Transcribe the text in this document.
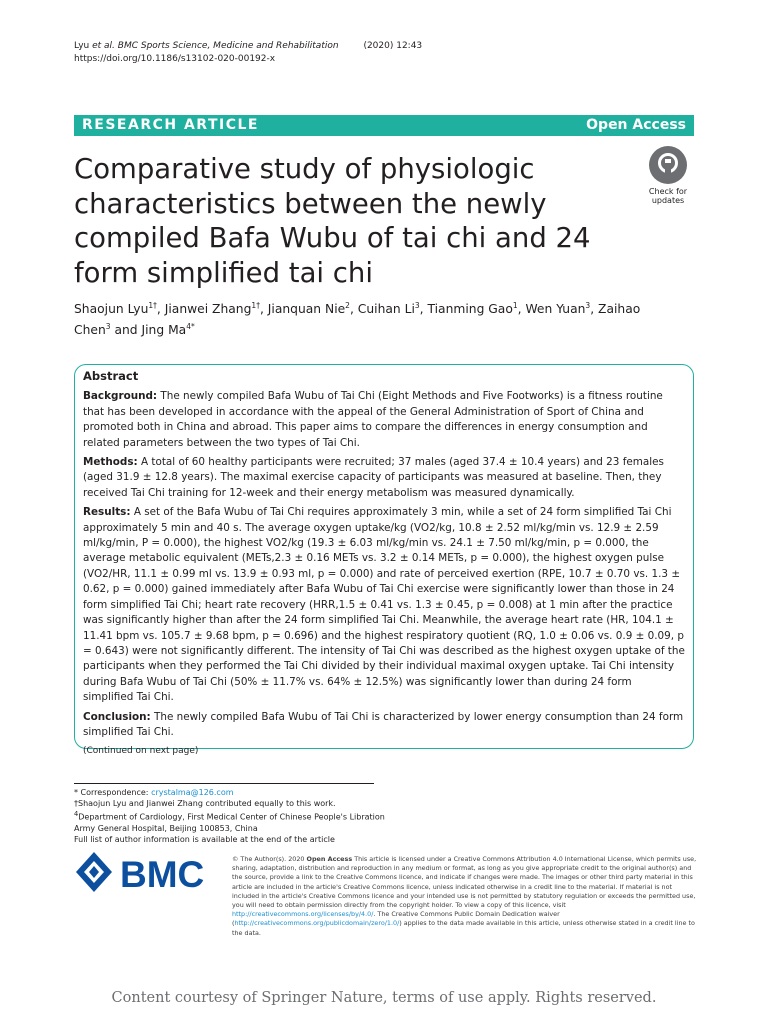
Lyu et al. BMC Sports Science, Medicine and Rehabilitation	(2020) 12:43
https://doi.org/10.1186/s13102-020-00192-x
RESEARCH ARTICLE	Open Access
Comparative study of physiologic characteristics between the newly compiled Bafa Wubu of tai chi and 24 form simplified tai chi
Check for
updates
Shaojun Lyu$^{1\dagger}$, Jianwei Zhang$^{1\dagger}$, Jianquan Nie$^2$, Cuihan Li$^3$, Tianming Gao$^1$, Wen Yuan$^3$, Zaihao Chen$^3$ and Jing $Ma^{4*}$
Abstract

Background: The newly compiled Bafa Wubu of Tai Chi (Eight Methods and Five Footworks) is a fitness routine that has been developed in accordance with the appeal of the General Administration of Sport of China and promoted both in China and abroad. This paper aims to compare the differences in energy consumption and related parameters between the two types of Tai Chi.

Methods: A total of 60 healthy participants were recruited; 37 males (aged 37.4 ± 10.4 years) and 23 females (aged 31.9 ± 12.8 years). The maximal exercise capacity of participants was measured at baseline. Then, they received Tai Chi training for 12-week and their energy metabolism was measured dynamically.

Results: A set of the Bafa Wubu of Tai Chi requires approximately 3 min, while a set of 24 form simplified Tai Chi approximately 5 min and 40 s. The average oxygen uptake/kg (VO2/kg, 10.8 ± 2.52 ml/kg/min vs. 12.9 ± 2.59 ml/kg/min, P = 0.000), the highest VO2/kg (19.3 ± 6.03 ml/kg/min vs. 24.1 ± 7.50 ml/kg/min, p = 0.000, the average metabolic equivalent (METs,2.3 ± 0.16 METs vs. 3.2 ± 0.14 METs, p = 0.000), the highest oxygen pulse (VO2/HR, 11.1 ± 0.99 ml vs. 13.9 ± 0.93 ml, p = 0.000) and rate of perceived exertion (RPE, 10.7 ± 0.70 vs. 1.3 ± 0.62, p = 0.000) gained immediately after Bafa Wubu of Tai Chi exercise were significantly lower than those in 24 form simplified Tai Chi; heart rate recovery (HRR,1.5 ± 0.41 vs. 1.3 ± 0.45, p = 0.008) at 1 min after the practice was significantly higher than after the 24 form simplified Tai Chi. Meanwhile, the average heart rate (HR, 104.1 ± 11.41 bpm vs. 105.7 ± 9.68 bpm, p = 0.696) and the highest respiratory quotient (RQ, 1.0 ± 0.06 vs. 0.9 ± 0.09, p = 0.643) were not significantly different. The intensity of Tai Chi was described as the highest oxygen uptake of the participants when they performed the Tai Chi divided by their individual maximal oxygen uptake. Tai Chi intensity during Bafa Wubu of Tai Chi (50% ± 11.7% vs. 64% ± 12.5%) was significantly lower than during 24 form simplified Tai Chi.

Conclusion: The newly compiled Bafa Wubu of Tai Chi is characterized by lower energy consumption than 24 form simplified Tai Chi.

(Continued on next page)
* Correspondence: crystalma@126.com
†Shaojun Lyu and Jianwei Zhang contributed equally to this work.
$^4$Department of Cardiology, First Medical Center of Chinese People's Libration Army General Hospital, Beijing 100853, China
Full list of author information is available at the end of the article
BMC	© The Author(s). 2020 Open Access This article is licensed under a Creative Commons Attribution 4.0 International License, which permits use, sharing, adaptation, distribution and reproduction in any medium or format, as long as you give appropriate credit to the original author(s) and the source, provide a link to the Creative Commons licence, and indicate if changes were made. The images or other third party material in this article are included in the article's Creative Commons licence, unless indicated otherwise in a credit line to the material. If material is not included in the article's Creative Commons licence and your intended use is not permitted by statutory regulation or exceeds the permitted use, you will need to obtain permission directly from the copyright holder. To view a copy of this licence, visit http://creativecommons.org/licenses/by/4.0/. The Creative Commons Public Domain Dedication waiver (http://creativecommons.org/publicdomain/zero/1.0/) applies to the data made available in this article, unless otherwise stated in a credit line to the data.
Content courtesy of Springer Nature, terms of use apply. Rights reserved.
